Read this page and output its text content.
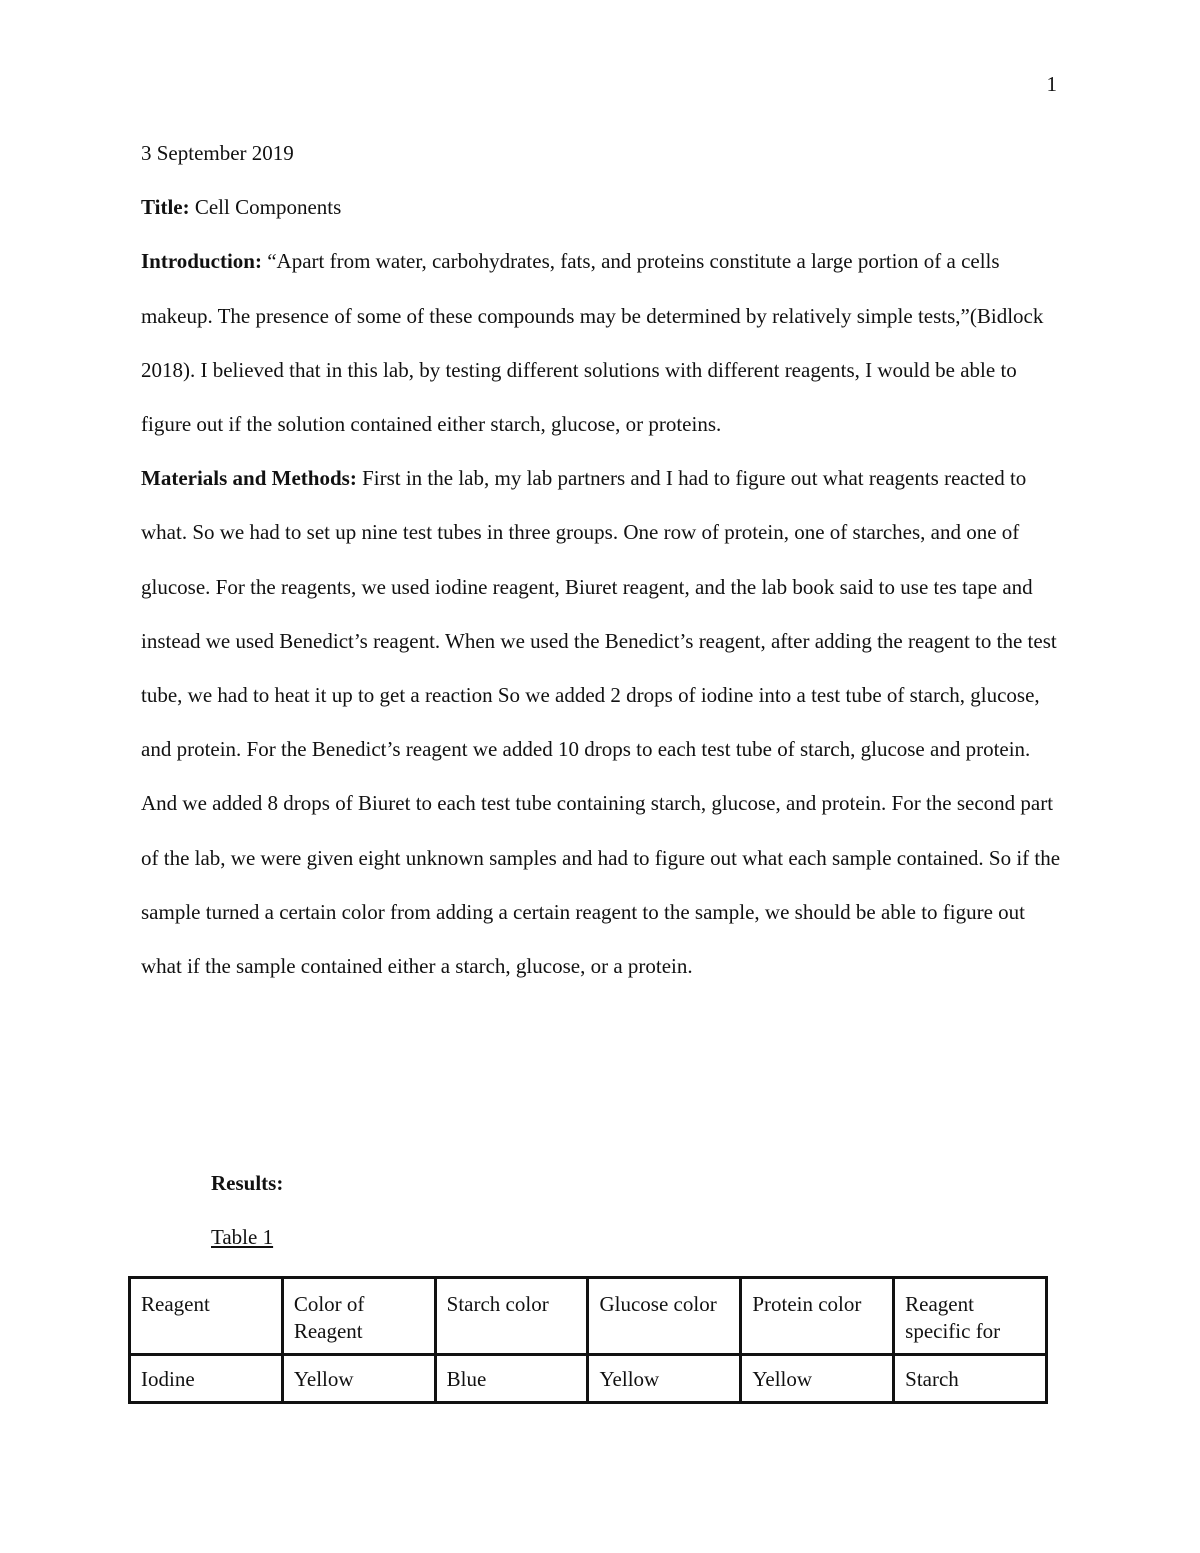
1

3 September 2019

Title: Cell Components

Introduction: “Apart from water, carbohydrates, fats, and proteins constitute a large portion of a cells makeup. The presence of some of these compounds may be determined by relatively simple tests,”(Bidlock 2018). I believed that in this lab, by testing different solutions with different reagents, I would be able to figure out if the solution contained either starch, glucose, or proteins.

Materials and Methods: First in the lab, my lab partners and I had to figure out what reagents reacted to what. So we had to set up nine test tubes in three groups. One row of protein, one of starches, and one of glucose. For the reagents, we used iodine reagent, Biuret reagent, and the lab book said to use tes tape and instead we used Benedict’s reagent. When we used the Benedict’s reagent, after adding the reagent to the test tube, we had to heat it up to get a reaction So we added 2 drops of iodine into a test tube of starch, glucose, and protein. For the Benedict’s reagent we added 10 drops to each test tube of starch, glucose and protein. And we added 8 drops of Biuret to each test tube containing starch, glucose, and protein. For the second part of the lab, we were given eight unknown samples and had to figure out what each sample contained. So if the sample turned a certain color from adding a certain reagent to the sample, we should be able to figure out what if the sample contained either a starch, glucose, or a protein.

Results:

Table 1

Reagent	Color of Reagent	Starch color	Glucose color	Protein color	Reagent specific for
Iodine	Yellow	Blue	Yellow	Yellow	Starch
